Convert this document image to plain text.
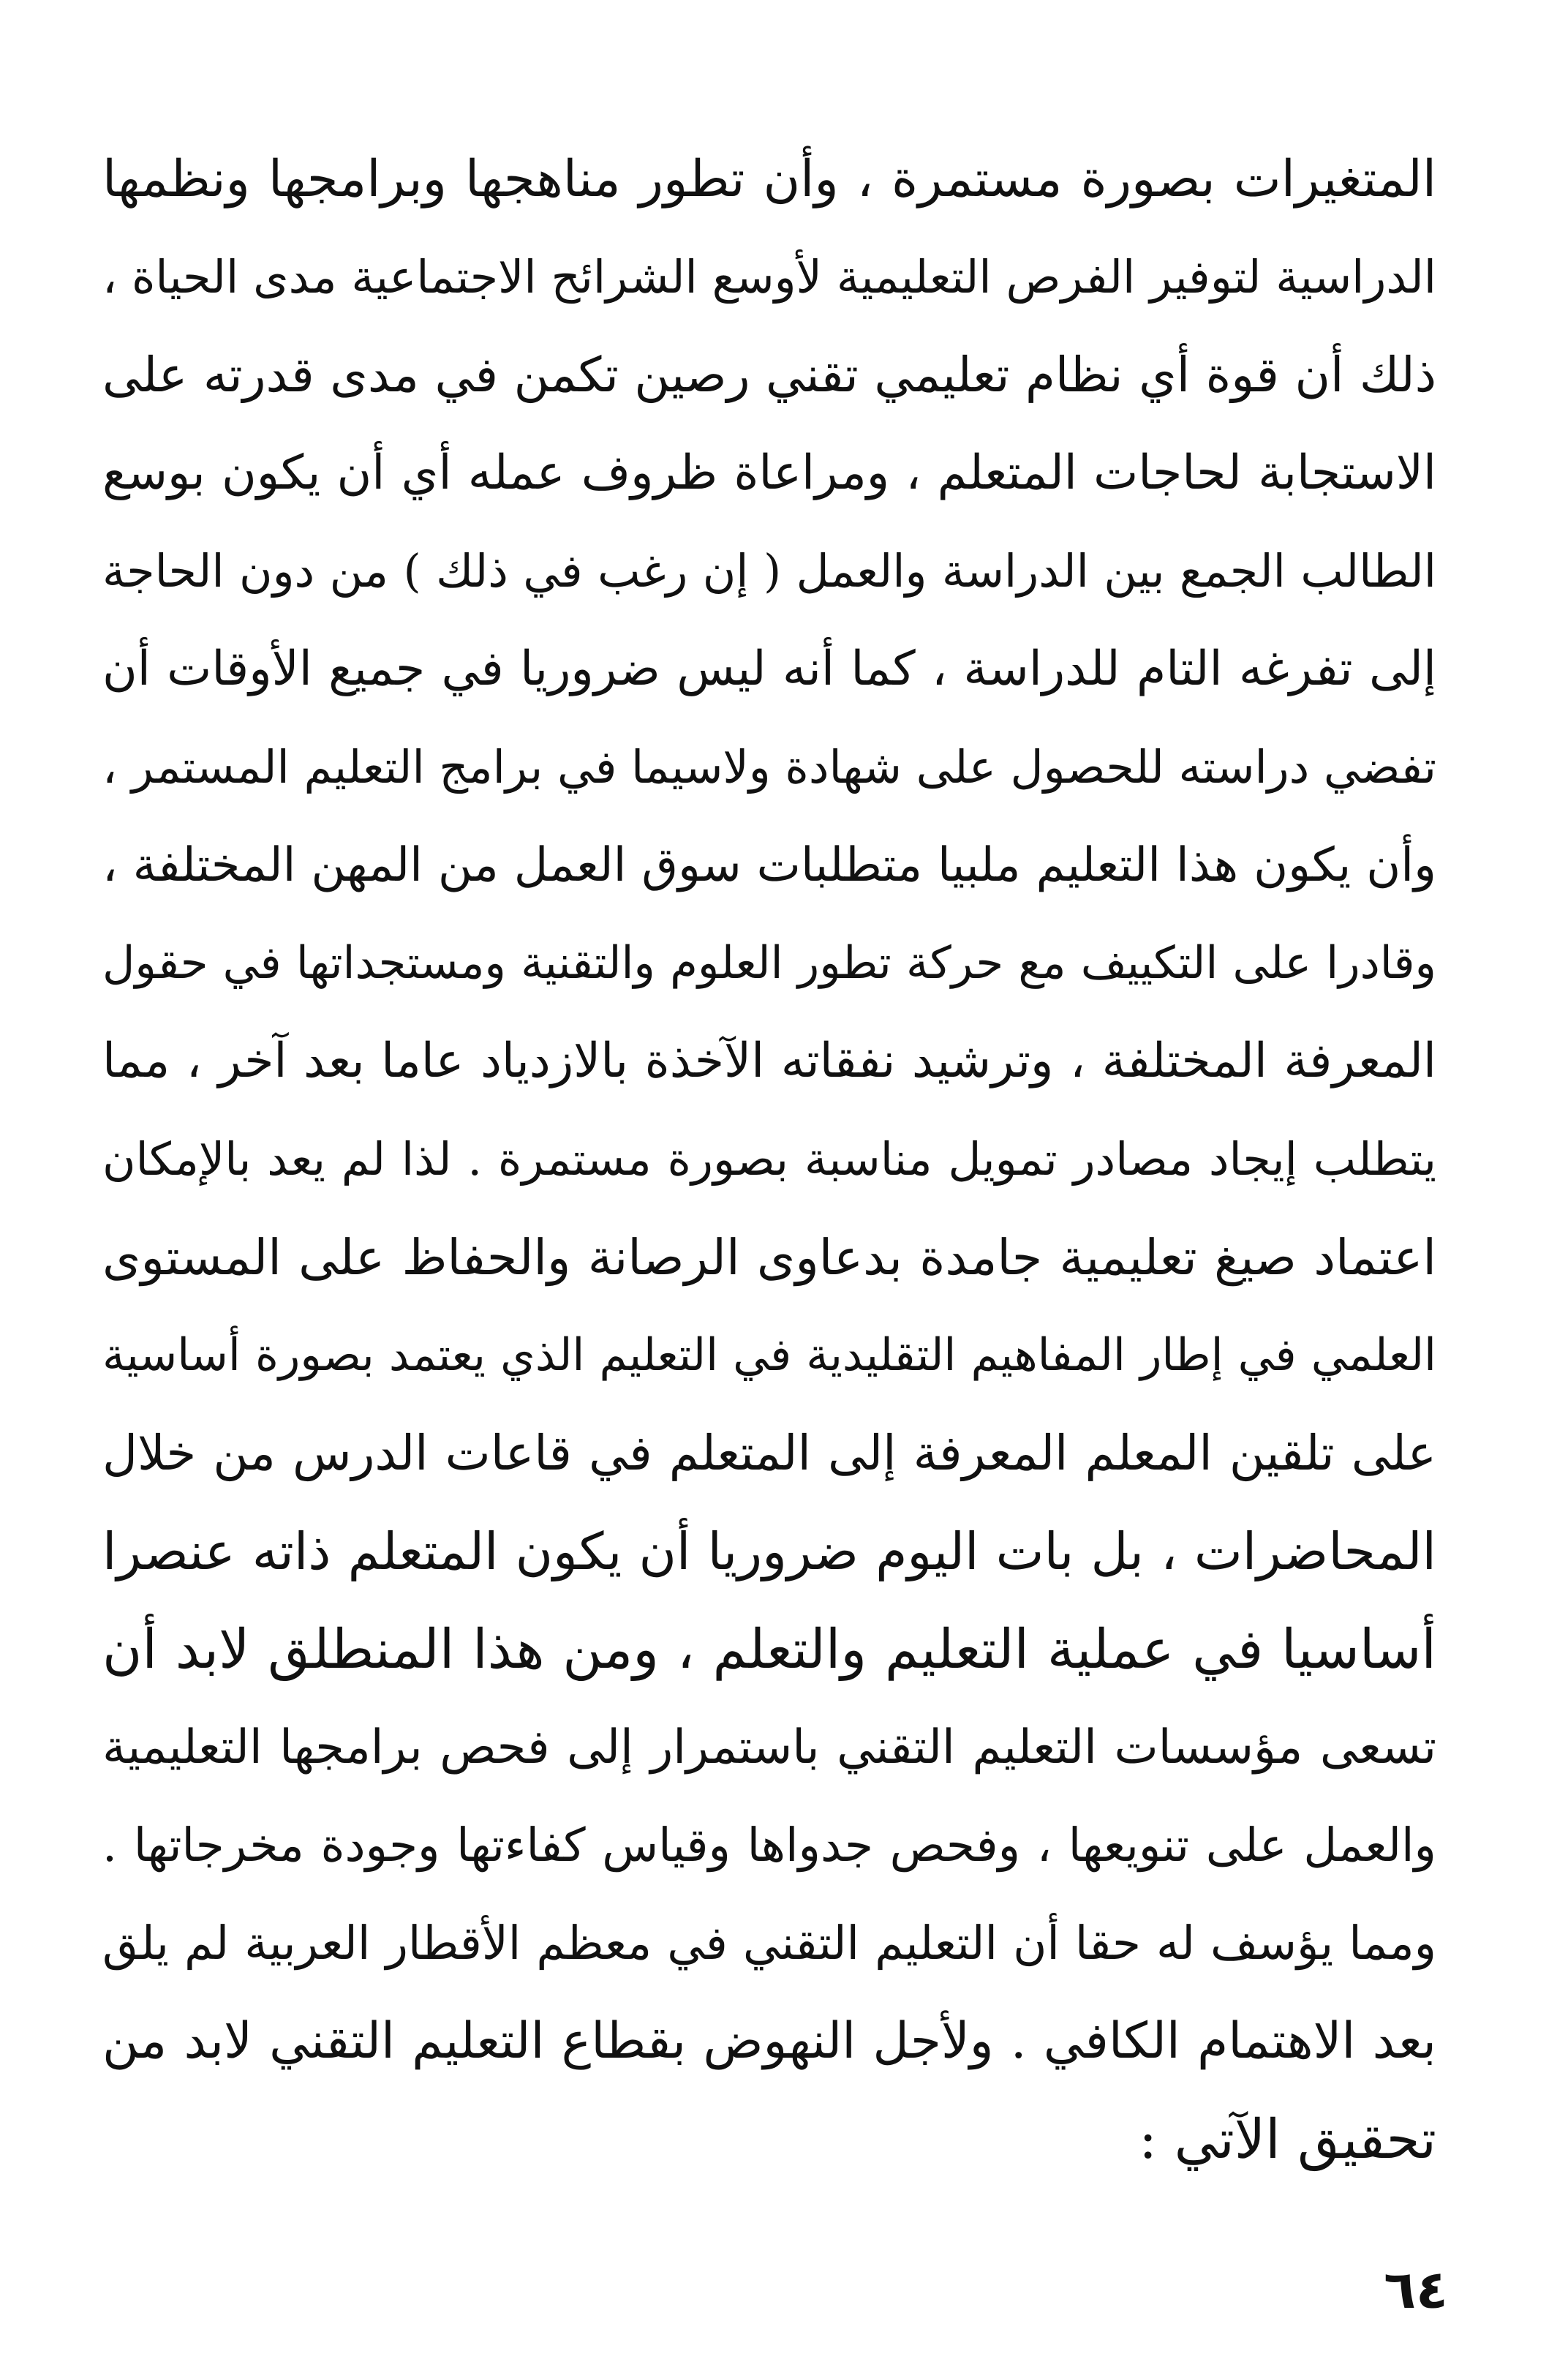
المتغيرات بصورة مستمرة ، وأن تطور مناهجها وبرامجها ونظمها
الدراسية لتوفير الفرص التعليمية لأوسع الشرائح الاجتماعية مدى الحياة ،
ذلك أن قوة أي نظام تعليمي تقني رصين تكمن في مدى قدرته على
الاستجابة لحاجات المتعلم ، ومراعاة ظروف عمله أي أن يكون بوسع
الطالب الجمع بين الدراسة والعمل ( إن رغب في ذلك ) من دون الحاجة
إلى تفرغه التام للدراسة ، كما أنه ليس ضروريا في جميع الأوقات أن
تفضي دراسته للحصول على شهادة ولاسيما في برامج التعليم المستمر ،
وأن يكون هذا التعليم ملبيا متطلبات سوق العمل من المهن المختلفة ،
وقادرا على التكييف مع حركة تطور العلوم والتقنية ومستجداتها في حقول
المعرفة المختلفة ، وترشيد نفقاته الآخذة بالازدياد عاما بعد آخر ، مما
يتطلب إيجاد مصادر تمويل مناسبة بصورة مستمرة . لذا لم يعد بالإمكان
اعتماد صيغ تعليمية جامدة بدعاوى الرصانة والحفاظ على المستوى
العلمي في إطار المفاهيم التقليدية في التعليم الذي يعتمد بصورة أساسية
على تلقين المعلم المعرفة إلى المتعلم في قاعات الدرس من خلال
المحاضرات ، بل بات اليوم ضروريا أن يكون المتعلم ذاته عنصرا
أساسيا في عملية التعليم والتعلم ، ومن هذا المنطلق لابد أن
تسعى مؤسسات التعليم التقني باستمرار إلى فحص برامجها التعليمية
والعمل على تنويعها ، وفحص جدواها وقياس كفاءتها وجودة مخرجاتها .
ومما يؤسف له حقا أن التعليم التقني في معظم الأقطار العربية لم يلق
بعد الاهتمام الكافي . ولأجل النهوض بقطاع التعليم التقني لابد من
تحقيق الآتي :
٦٤
